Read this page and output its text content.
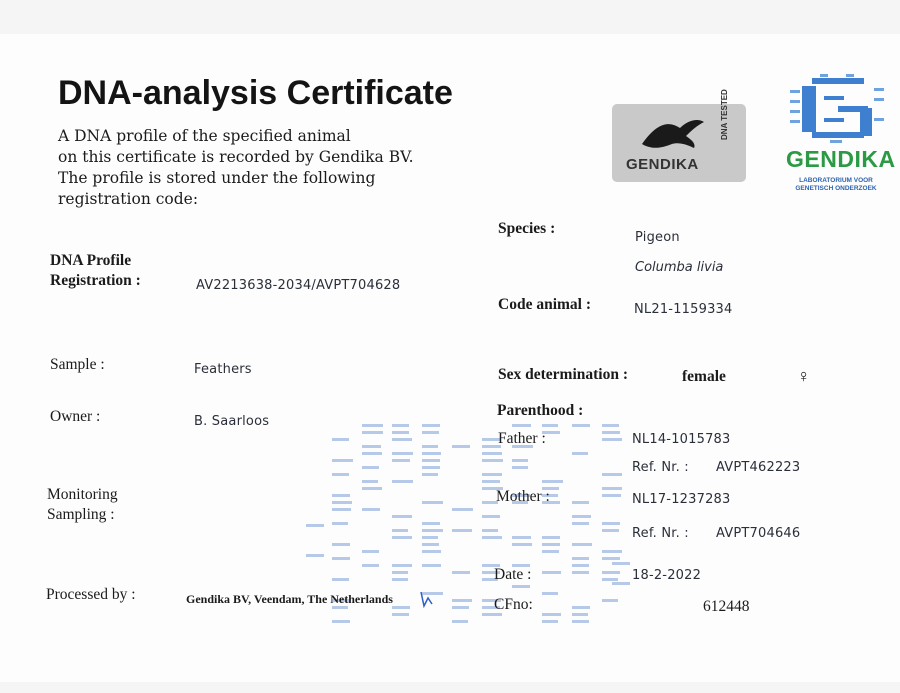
DNA-analysis Certificate
A DNA profile of the specified animal
on this certificate is recorded by Gendika BV.
The profile is stored under the following
registration code:
GENDIKA
DNA TESTED
GENDIKA
LABORATORIUM VOOR GENETISCH ONDERZOEK
DNA Profile
Registration :	AV2213638-2034/AVPT704628
Sample :	Feathers
Owner :	B. Saarloos
Monitoring
Sampling :
Processed by :	Gendika BV, Veendam, The Netherlands
Species :
Pigeon
Columba livia
Code animal :	NL21-1159334
Sex determination :	female	♀
Parenthood :
Father :	NL14-1015783
Ref. Nr. : AVPT462223
Mother :	NL17-1237283
Ref. Nr. : AVPT704646
Date :	18-2-2022
CFno:	612448
